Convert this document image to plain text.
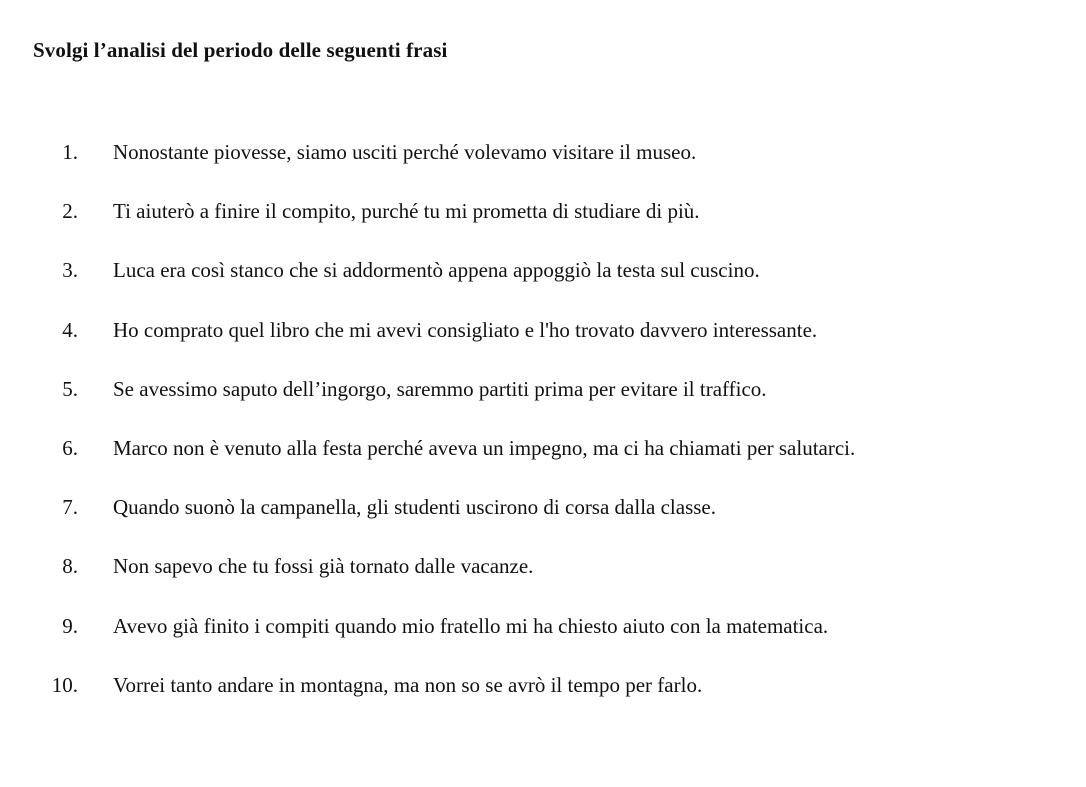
Svolgi l’analisi del periodo delle seguenti frasi
1. Nonostante piovesse, siamo usciti perché volevamo visitare il museo.
2. Ti aiuterò a finire il compito, purché tu mi prometta di studiare di più.
3. Luca era così stanco che si addormentò appena appoggiò la testa sul cuscino.
4. Ho comprato quel libro che mi avevi consigliato e l'ho trovato davvero interessante.
5. Se avessimo saputo dell’ingorgo, saremmo partiti prima per evitare il traffico.
6. Marco non è venuto alla festa perché aveva un impegno, ma ci ha chiamati per salutarci.
7. Quando suonò la campanella, gli studenti uscirono di corsa dalla classe.
8. Non sapevo che tu fossi già tornato dalle vacanze.
9. Avevo già finito i compiti quando mio fratello mi ha chiesto aiuto con la matematica.
10. Vorrei tanto andare in montagna, ma non so se avrò il tempo per farlo.
